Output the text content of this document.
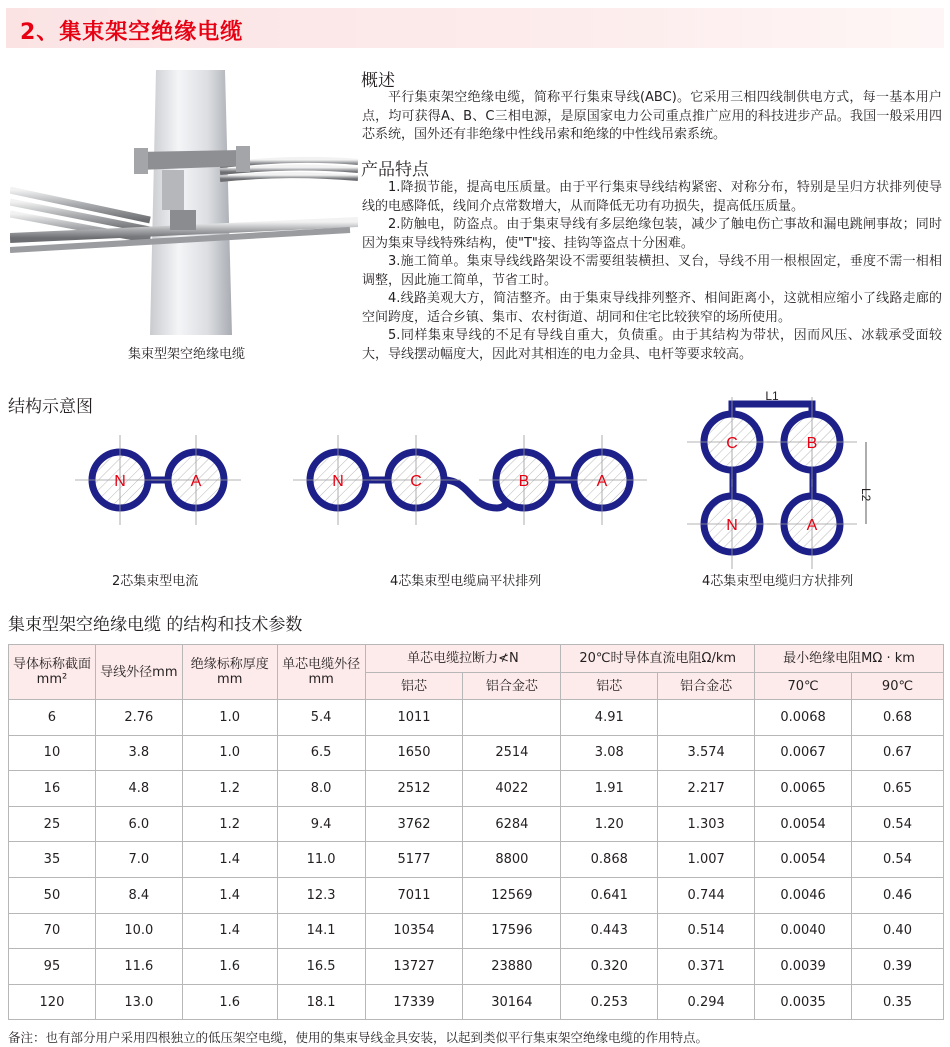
2、集束架空绝缘电缆
集束型架空绝缘电缆
概述
平行集束架空绝缘电缆，简称平行集束导线(ABC)。它采用三相四线制供电方式，每一基本用户点，均可获得A、B、C三相电源，是原国家电力公司重点推广应用的科技进步产品。我国一般采用四芯系统，国外还有非绝缘中性线吊索和绝缘的中性线吊索系统。
产品特点
1.降损节能，提高电压质量。由于平行集束导线结构紧密、对称分布，特别是呈归方状排列使导线的电感降低，线间介点常数增大，从而降低无功有功损失，提高低压质量。
2.防触电，防盗点。由于集束导线有多层绝缘包装，减少了触电伤亡事故和漏电跳闸事故；同时因为集束导线特殊结构，使"T"接、挂钩等盗点十分困难。
3.施工简单。集束导线线路架设不需要组装横担、叉台，导线不用一根根固定，垂度不需一相相调整，因此施工简单，节省工时。
4.线路美观大方，简洁整齐。由于集束导线排列整齐、相间距离小，这就相应缩小了线路走廊的空间跨度，适合乡镇、集市、农村街道、胡同和住宅比较狭窄的场所使用。
5.同样集束导线的不足有导线自重大，负债重。由于其结构为带状，因而风压、冰载承受面较大，导线摆动幅度大，因此对其相连的电力金具、电杆等要求较高。
结构示意图
N	A	N	C	B	A
C	B
N	A
L1
L2
2芯集束型电流	4芯集束型电缆扁平状排列	4芯集束型电缆归方状排列
集束型架空绝缘电缆 的结构和技术参数
导体标称截面mm²	导线外径mm	绝缘标称厚度mm	单芯电缆外径mm	单芯电缆拉断力≮N		20℃时导体直流电阻Ω/km		最小绝缘电阻MΩ · km	
				铝芯	铝合金芯	铝芯	铝合金芯	70℃	90℃
6	2.76	1.0	5.4	1011		4.91		0.0068	0.68
10	3.8	1.0	6.5	1650	2514	3.08	3.574	0.0067	0.67
16	4.8	1.2	8.0	2512	4022	1.91	2.217	0.0065	0.65
25	6.0	1.2	9.4	3762	6284	1.20	1.303	0.0054	0.54
35	7.0	1.4	11.0	5177	8800	0.868	1.007	0.0054	0.54
50	8.4	1.4	12.3	7011	12569	0.641	0.744	0.0046	0.46
70	10.0	1.4	14.1	10354	17596	0.443	0.514	0.0040	0.40
95	11.6	1.6	16.5	13727	23880	0.320	0.371	0.0039	0.39
120	13.0	1.6	18.1	17339	30164	0.253	0.294	0.0035	0.35
备注：也有部分用户采用四根独立的低压架空电缆，使用的集束导线金具安装，以起到类似平行集束架空绝缘电缆的作用特点。
